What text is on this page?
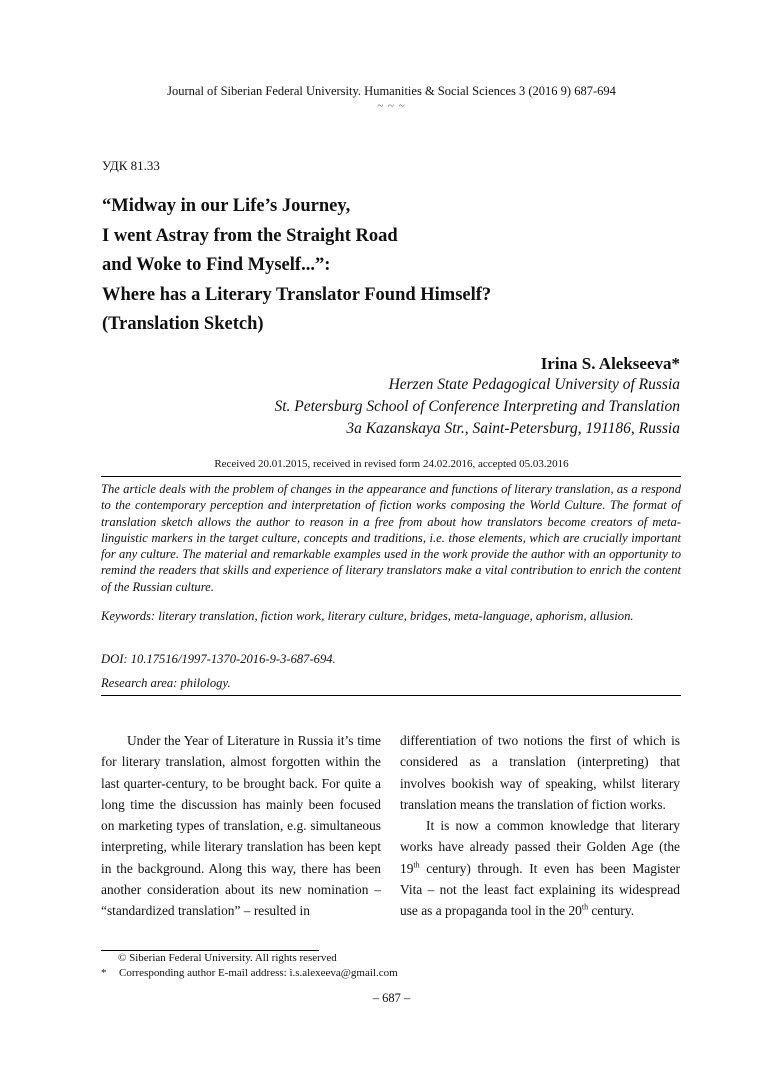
Journal of Siberian Federal University. Humanities & Social Sciences 3 (2016 9) 687-694
~ ~ ~
УДК 81.33
“Midway in our Life’s Journey,
I went Astray from the Straight Road
and Woke to Find Myself...”:
Where has a Literary Translator Found Himself?
(Translation Sketch)
Irina S. Alekseeva*
Herzen State Pedagogical University of Russia
St. Petersburg School of Conference Interpreting and Translation
3a Kazanskaya Str., Saint-Petersburg, 191186, Russia
Received 20.01.2015, received in revised form 24.02.2016, accepted 05.03.2016
The article deals with the problem of changes in the appearance and functions of literary translation, as a respond to the contemporary perception and interpretation of fiction works composing the World Culture. The format of translation sketch allows the author to reason in a free from about how translators become creators of meta-linguistic markers in the target culture, concepts and traditions, i.e. those elements, which are crucially important for any culture. The material and remarkable examples used in the work provide the author with an opportunity to remind the readers that skills and experience of literary translators make a vital contribution to enrich the content of the Russian culture.
Keywords: literary translation, fiction work, literary culture, bridges, meta-language, aphorism, allusion.
DOI: 10.17516/1997-1370-2016-9-3-687-694.
Research area: philology.

Under the Year of Literature in Russia it’s time for literary translation, almost forgotten within the last quarter-century, to be brought back. For quite a long time the discussion has mainly been focused on marketing types of translation, e.g. simultaneous interpreting, while literary translation has been kept in the background. Along this way, there has been another consideration about its new nomination – “standardized translation” – resulted in

differentiation of two notions the first of which is considered as a translation (interpreting) that involves bookish way of speaking, whilst literary translation means the translation of fiction works.

It is now a common knowledge that literary works have already passed their Golden Age (the 19th century) through. It even has been Magister Vita – not the least fact explaining its widespread use as a propaganda tool in the 20th century.

© Siberian Federal University. All rights reserved
* Corresponding author E-mail address: i.s.alexeeva@gmail.com
– 687 –
